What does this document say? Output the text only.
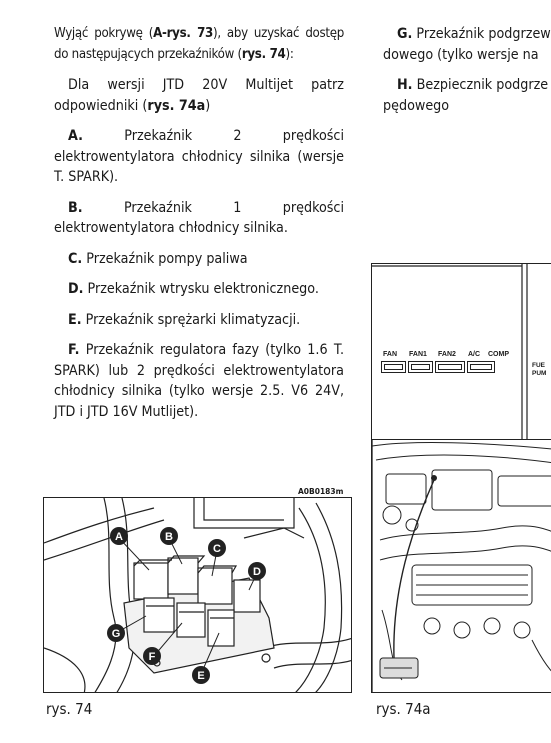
Wyjąć pokrywę (A-rys. 73), aby uzyskać dostęp do następujących przekaźników (rys. 74):

Dla wersji JTD 20V Multijet patrz odpowiedniki (rys. 74a)

A.	Przekaźnik 2 prędkości elektrowentylatora chłodnicy silnika (wersje T. SPARK).

B.	Przekaźnik 1 prędkości elektrowentylatora chłodnicy silnika.

C. Przekaźnik pompy paliwa

D. Przekaźnik wtrysku elektronicznego.

E. Przekaźnik sprężarki klimatyzacji.

F. Przekaźnik regulatora fazy (tylko 1.6 T. SPARK) lub 2 prędkości elektrowentylatora chłodnicy silnika (tylko wersje 2.5. V6 24V, JTD i JTD 16V Mutlijet).

G. Przekaźnik podgrzew
dowego (tylko wersje na

H. Bezpiecznik podgrze
pędowego

A0B0183m
A	B
C
D
E
F
G
rys. 74
FAN FAN1 FAN2 A/C COMP
FUE
PUM
rys. 74a
